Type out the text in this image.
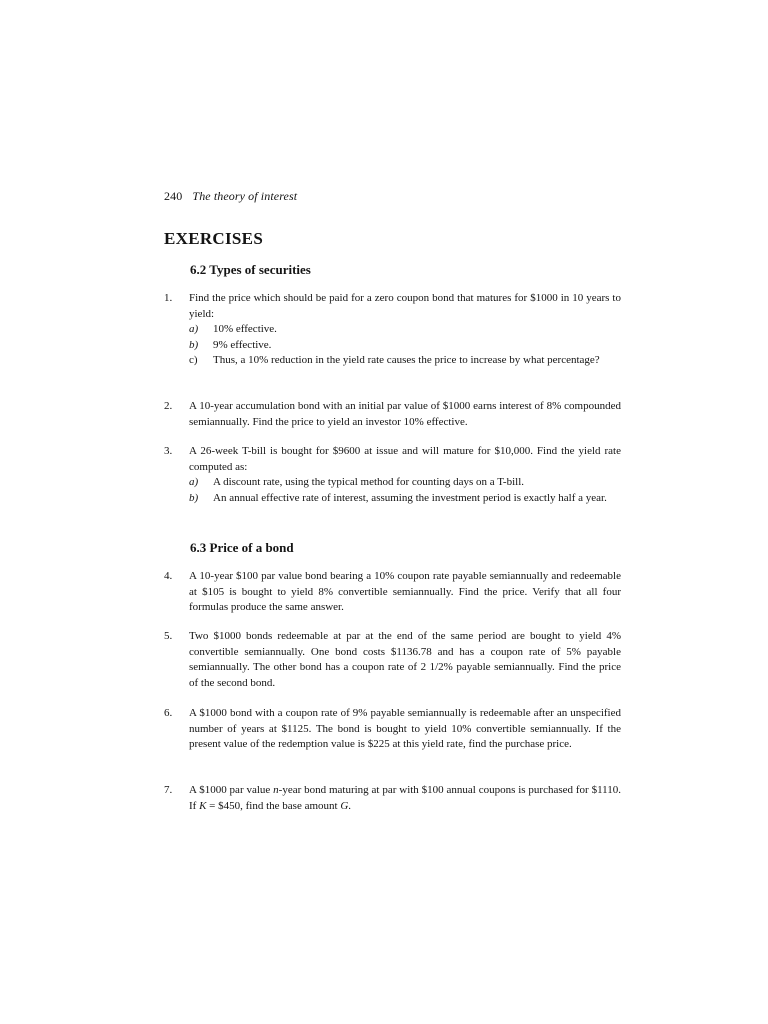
240 The theory of interest
EXERCISES
6.2 Types of securities
1.	Find the price which should be paid for a zero coupon bond that matures for $1000 in 10 years to yield:
a) 10% effective.
b) 9% effective.
c) Thus, a 10% reduction in the yield rate causes the price to increase by what percentage?
2.	A 10-year accumulation bond with an initial par value of $1000 earns interest of 8% compounded semiannually. Find the price to yield an investor 10% effective.
3.	A 26-week T-bill is bought for $9600 at issue and will mature for $10,000. Find the yield rate computed as:
a) A discount rate, using the typical method for counting days on a T-bill.
b) An annual effective rate of interest, assuming the investment period is exactly half a year.
6.3 Price of a bond
4.	A 10-year $100 par value bond bearing a 10% coupon rate payable semiannually and redeemable at $105 is bought to yield 8% convertible semiannually. Find the price. Verify that all four formulas produce the same answer.
5.	Two $1000 bonds redeemable at par at the end of the same period are bought to yield 4% convertible semiannually. One bond costs $1136.78 and has a coupon rate of 5% payable semiannually. The other bond has a coupon rate of 2 1/2% payable semiannually. Find the price of the second bond.
6.	A $1000 bond with a coupon rate of 9% payable semiannually is redeemable after an unspecified number of years at $1125. The bond is bought to yield 10% convertible semiannually. If the present value of the redemption value is $225 at this yield rate, find the purchase price.
7.	A $1000 par value n-year bond maturing at par with $100 annual coupons is purchased for $1110. If K = $450, find the base amount G.
